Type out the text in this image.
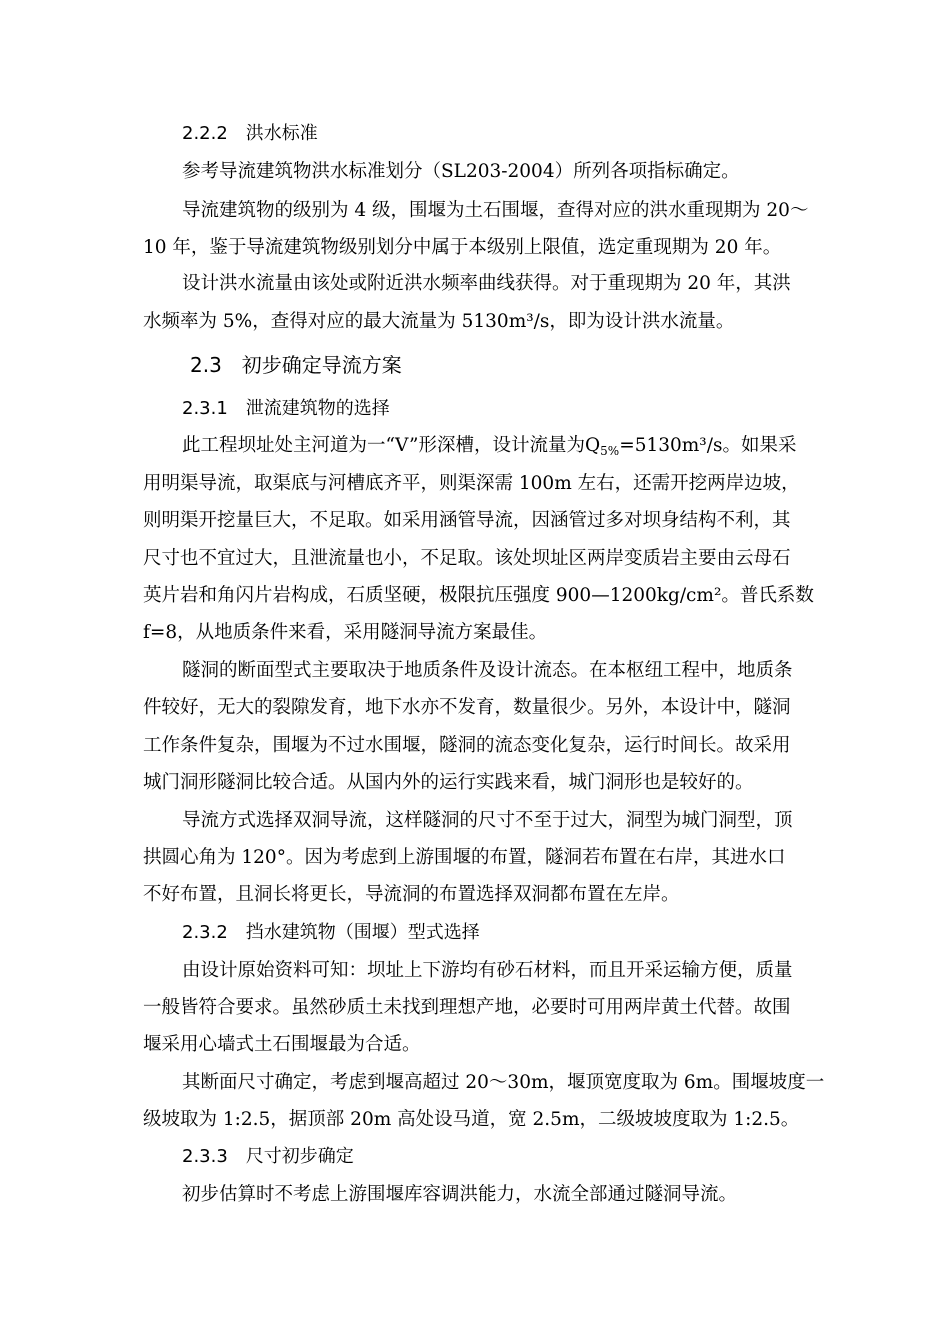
2.2.2　洪水标准
参考导流建筑物洪水标准划分（SL203-2004）所列各项指标确定。
导流建筑物的级别为 4 级，围堰为土石围堰，查得对应的洪水重现期为 20～
10 年，鉴于导流建筑物级别划分中属于本级别上限值，选定重现期为 20 年。
设计洪水流量由该处或附近洪水频率曲线获得。对于重现期为 20 年，其洪
水频率为 5%，查得对应的最大流量为 5130m³/s，即为设计洪水流量。
2.3　初步确定导流方案
2.3.1　泄流建筑物的选择
此工程坝址处主河道为一“V”形深槽，设计流量为$Q_{5\%}=5130m^3/s$。如果采
用明渠导流，取渠底与河槽底齐平，则渠深需 100m 左右，还需开挖两岸边坡，
则明渠开挖量巨大，不足取。如采用涵管导流，因涵管过多对坝身结构不利，其
尺寸也不宜过大，且泄流量也小，不足取。该处坝址区两岸变质岩主要由云母石
英片岩和角闪片岩构成，石质坚硬，极限抗压强度 900—1200kg/cm²。普氏系数
f=8，从地质条件来看，采用隧洞导流方案最佳。
隧洞的断面型式主要取决于地质条件及设计流态。在本枢纽工程中，地质条
件较好，无大的裂隙发育，地下水亦不发育，数量很少。另外，本设计中，隧洞
工作条件复杂，围堰为不过水围堰，隧洞的流态变化复杂，运行时间长。故采用
城门洞形隧洞比较合适。从国内外的运行实践来看，城门洞形也是较好的。
导流方式选择双洞导流，这样隧洞的尺寸不至于过大，洞型为城门洞型，顶
拱圆心角为 120°。因为考虑到上游围堰的布置，隧洞若布置在右岸，其进水口
不好布置，且洞长将更长，导流洞的布置选择双洞都布置在左岸。
2.3.2　挡水建筑物（围堰）型式选择
由设计原始资料可知：坝址上下游均有砂石材料，而且开采运输方便，质量
一般皆符合要求。虽然砂质土未找到理想产地，必要时可用两岸黄土代替。故围
堰采用心墙式土石围堰最为合适。
其断面尺寸确定，考虑到堰高超过 20～30m，堰顶宽度取为 6m。围堰坡度一
级坡取为 1:2.5，据顶部 20m 高处设马道，宽 2.5m，二级坡坡度取为 1:2.5。
2.3.3　尺寸初步确定
初步估算时不考虑上游围堰库容调洪能力，水流全部通过隧洞导流。
